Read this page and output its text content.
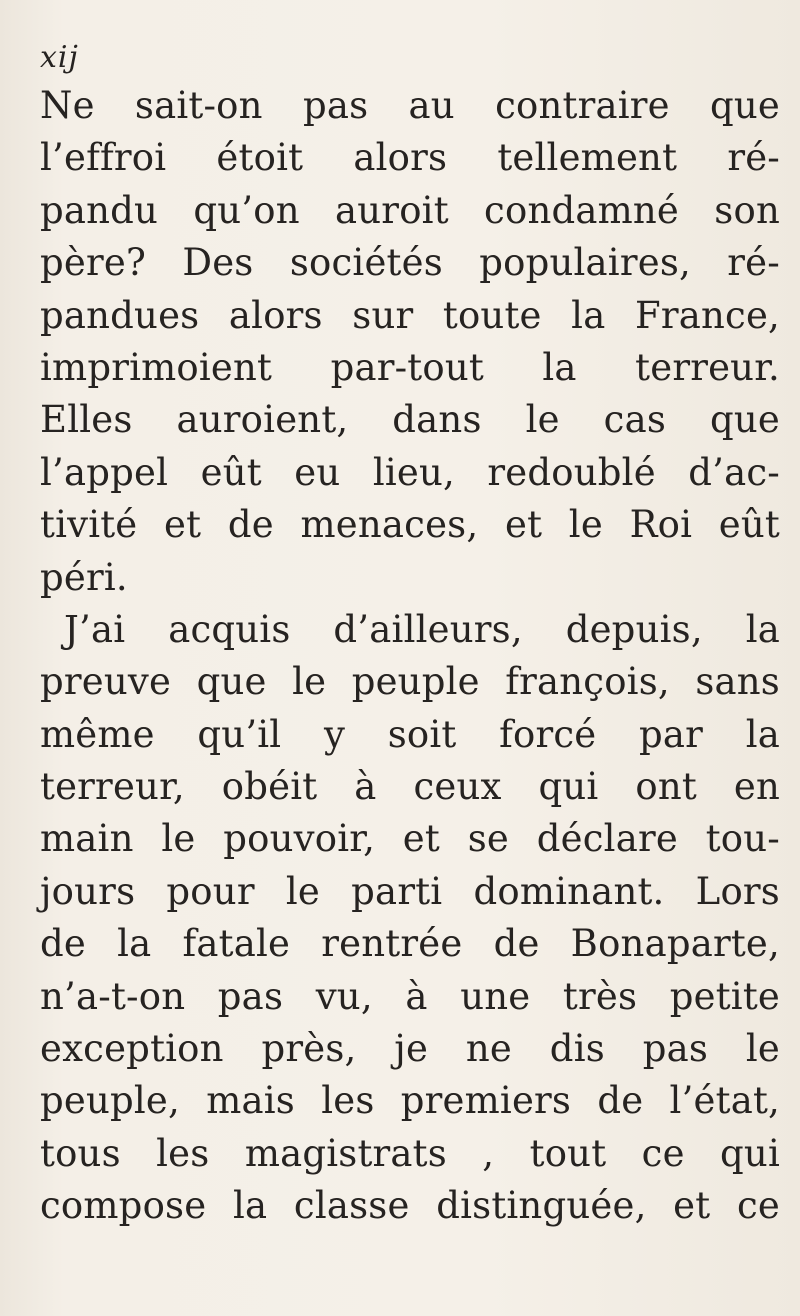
xij
Ne sait-on pas au contraire que
l’effroi étoit alors tellement ré-
pandu qu’on auroit condamné son
père? Des sociétés populaires, ré-
pandues alors sur toute la France,
imprimoient par-tout la terreur.
Elles auroient, dans le cas que
l’appel eût eu lieu, redoublé d’ac-
tivité et de menaces, et le Roi eût
péri.
J’ai acquis d’ailleurs, depuis, la
preuve que le peuple françois, sans
même qu’il y soit forcé par la
terreur, obéit à ceux qui ont en
main le pouvoir, et se déclare tou-
jours pour le parti dominant. Lors
de la fatale rentrée de Bonaparte,
n’a-t-on pas vu, à une très petite
exception près, je ne dis pas le
peuple, mais les premiers de l’état,
tous les magistrats , tout ce qui
compose la classe distinguée, et ce
